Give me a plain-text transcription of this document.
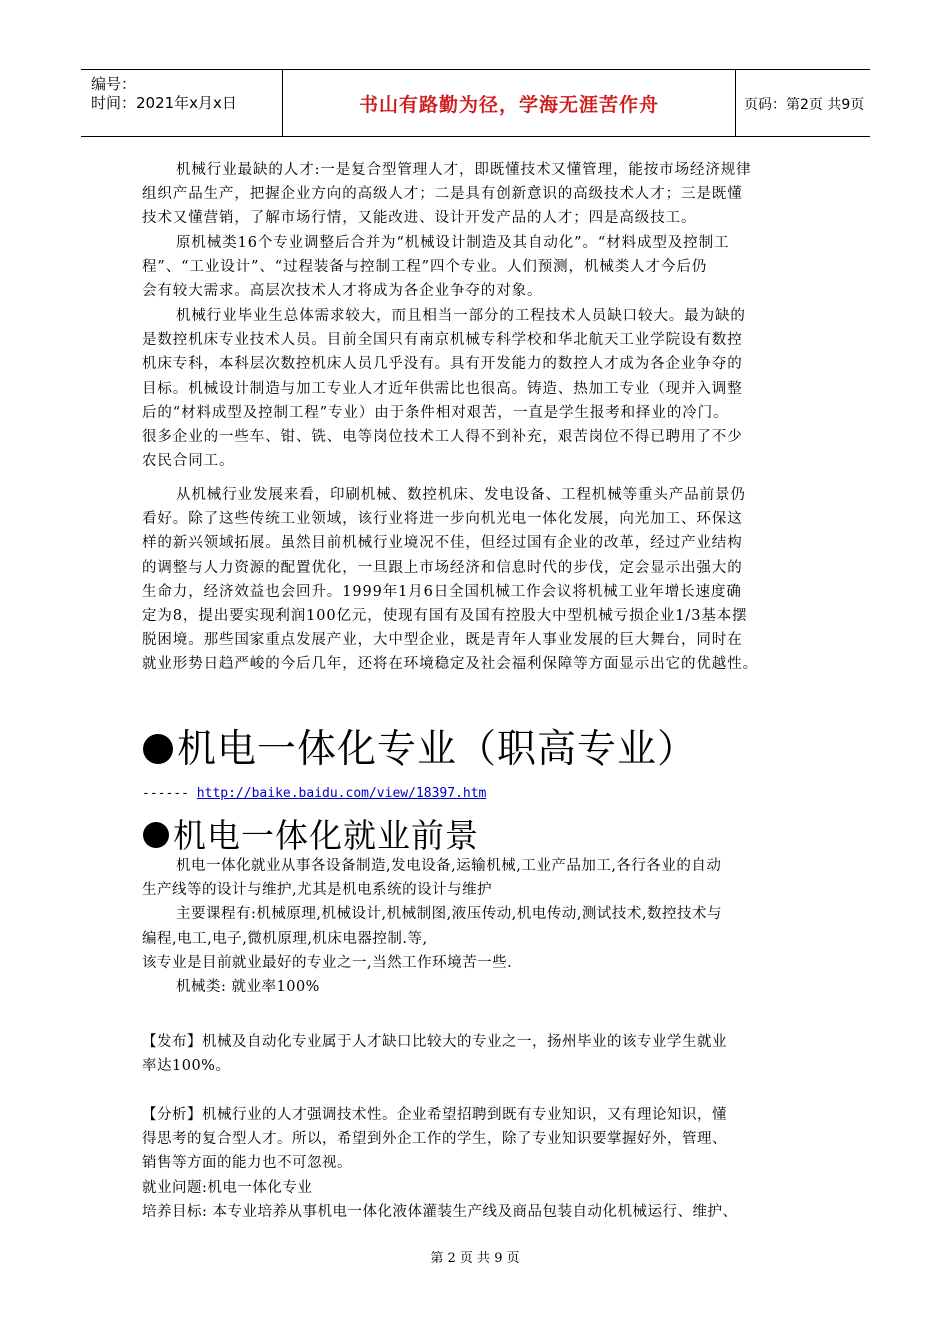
编号：
时间：2021年x月x日	书山有路勤为径，学海无涯苦作舟	页码：第2页 共9页
机械行业最缺的人才:一是复合型管理人才，即既懂技术又懂管理，能按市场经济规律
组织产品生产，把握企业方向的高级人才；二是具有创新意识的高级技术人才；三是既懂
技术又懂营销，了解市场行情，又能改进、设计开发产品的人才；四是高级技工。
原机械类16个专业调整后合并为“机械设计制造及其自动化”。“材料成型及控制工
程”、“工业设计”、“过程装备与控制工程”四个专业。人们预测，机械类人才今后仍
会有较大需求。高层次技术人才将成为各企业争夺的对象。
机械行业毕业生总体需求较大，而且相当一部分的工程技术人员缺口较大。最为缺的
是数控机床专业技术人员。目前全国只有南京机械专科学校和华北航天工业学院设有数控
机床专科，本科层次数控机床人员几乎没有。具有开发能力的数控人才成为各企业争夺的
目标。机械设计制造与加工专业人才近年供需比也很高。铸造、热加工专业（现并入调整
后的“材料成型及控制工程”专业）由于条件相对艰苦，一直是学生报考和择业的冷门。
很多企业的一些车、钳、铣、电等岗位技术工人得不到补充，艰苦岗位不得已聘用了不少
农民合同工。
从机械行业发展来看，印刷机械、数控机床、发电设备、工程机械等重头产品前景仍
看好。除了这些传统工业领域，该行业将进一步向机光电一体化发展，向光加工、环保这
样的新兴领域拓展。虽然目前机械行业境况不佳，但经过国有企业的改革，经过产业结构
的调整与人力资源的配置优化，一旦跟上市场经济和信息时代的步伐，定会显示出强大的
生命力，经济效益也会回升。1999年1月6日全国机械工作会议将机械工业年增长速度确
定为8，提出要实现利润100亿元，使现有国有及国有控股大中型机械亏损企业1/3基本摆
脱困境。那些国家重点发展产业，大中型企业，既是青年人事业发展的巨大舞台，同时在
就业形势日趋严峻的今后几年，还将在环境稳定及社会福利保障等方面显示出它的优越性。
机电一体化专业（职高专业）
------ http://baike.baidu.com/view/18397.htm
机电一体化就业前景
机电一体化就业从事各设备制造,发电设备,运输机械,工业产品加工,各行各业的自动
生产线等的设计与维护,尤其是机电系统的设计与维护
主要课程有:机械原理,机械设计,机械制图,液压传动,机电传动,测试技术,数控技术与
编程,电工,电子,微机原理,机床电器控制.等,
该专业是目前就业最好的专业之一,当然工作环境苦一些.
机械类: 就业率100%
【发布】机械及自动化专业属于人才缺口比较大的专业之一，扬州毕业的该专业学生就业
率达100%。
【分析】机械行业的人才强调技术性。企业希望招聘到既有专业知识，又有理论知识，懂
得思考的复合型人才。所以，希望到外企工作的学生，除了专业知识要掌握好外，管理、
销售等方面的能力也不可忽视。
就业问题:机电一体化专业
培养目标: 本专业培养从事机电一体化液体灌装生产线及商品包装自动化机械运行、维护、
第 2 页 共 9 页
